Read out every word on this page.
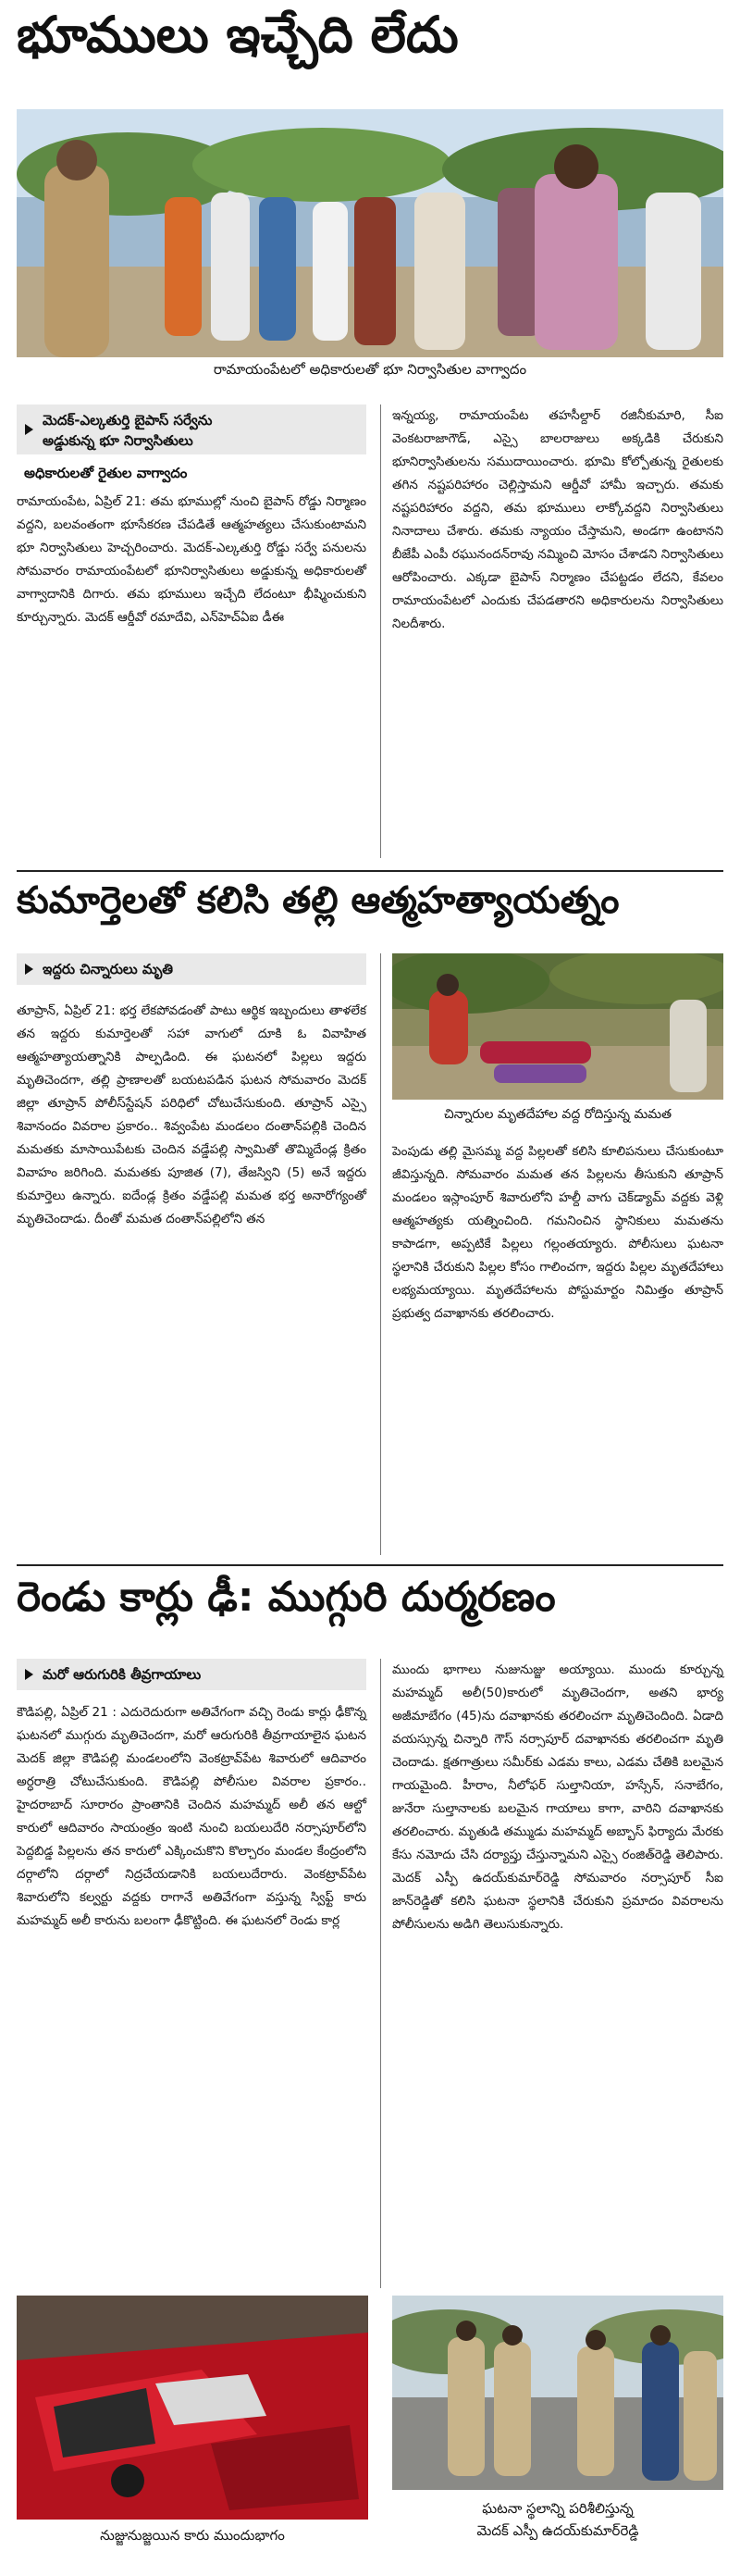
భూములు ఇచ్చేది లేదు
రామాయంపేటలో అధికారులతో భూ నిర్వాసితుల వాగ్వాదం
మెదక్‌-ఎల్కతుర్తి బైపాస్‌ సర్వేను
అడ్డుకున్న భూ నిర్వాసితులు
అధికారులతో రైతుల వాగ్వాదం

రామాయంపేట, ఏప్రిల్‌ 21: తమ భూముల్లో నుంచి బైపాస్‌ రోడ్డు నిర్మాణం వద్దని, బలవంతంగా భూసేకరణ చేపడితే ఆత్మహత్యలు చేసుకుంటామని భూ నిర్వాసితులు హెచ్చరించారు. మెదక్‌-ఎల్కతుర్తి రోడ్డు సర్వే పనులను సోమవారం రామాయంపేటలో భూనిర్వాసితులు అడ్డుకున్న అధికారులతో వాగ్వాదానికి దిగారు. తమ భూములు ఇచ్చేది లేదంటూ భీష్మించుకుని కూర్చున్నారు. మెదక్‌ ఆర్డీవో రమాదేవి, ఎన్‌హెచ్‌ఏఐ డీఈ

ఇన్నయ్య, రామాయంపేట తహసీల్దార్‌ రజినీకుమారి, సీఐ వెంకటరాజాగౌడ్‌, ఎస్సై బాలరాజులు అక్కడికి చేరుకుని భూనిర్వాసితులను సముదాయించారు. భూమి కోల్పోతున్న రైతులకు తగిన నష్టపరిహారం చెల్లిస్తామని ఆర్డీవో హామీ ఇచ్చారు. తమకు నష్టపరిహారం వద్దని, తమ భూములు లాక్కోవద్దని నిర్వాసితులు నినాదాలు చేశారు. తమకు న్యాయం చేస్తామని, అండగా ఉంటానని బీజేపీ ఎంపీ రఘునందన్‌రావు నమ్మించి మోసం చేశాడని నిర్వాసితులు ఆరోపించారు. ఎక్కడా బైపాస్‌ నిర్మాణం చేపట్టడం లేదని, కేవలం రామాయంపేటలో ఎందుకు చేపడతారని అధికారులను నిర్వాసితులు నిలదీశారు.

కుమార్తెలతో కలిసి తల్లి ఆత్మహత్యాయత్నం
ఇద్దరు చిన్నారులు మృతి

తూప్రాన్‌, ఏప్రిల్‌ 21: భర్త లేకపోవడంతో పాటు ఆర్థిక ఇబ్బందులు తాళలేక తన ఇద్దరు కుమార్తెలతో సహా వాగులో దూకి ఓ వివాహిత ఆత్మహత్యాయత్నానికి పాల్పడింది. ఈ ఘటనలో పిల్లలు ఇద్దరు మృతిచెందగా, తల్లి ప్రాణాలతో బయటపడిన ఘటన సోమవారం మెదక్‌ జిల్లా తూప్రాన్‌ పోలీస్‌స్టేషన్‌ పరిధిలో చోటుచేసుకుంది. తూప్రాన్‌ ఎస్సై శివానందం వివరాల ప్రకారం.. శివ్వంపేట మండలం దంతాన్‌పల్లికి చెందిన మమతకు మాసాయిపేటకు చెందిన వడ్డేపల్లి స్వామితో తొమ్మిదేండ్ల క్రితం వివాహం జరిగింది. మమతకు పూజిత (7), తేజస్విని (5) అనే ఇద్దరు కుమార్తెలు ఉన్నారు. ఐదేండ్ల క్రితం వడ్డేపల్లి మమత భర్త అనారోగ్యంతో మృతిచెందాడు. దీంతో మమత దంతాన్‌పల్లిలోని తన

చిన్నారుల మృతదేహాల వద్ద రోదిస్తున్న మమత

పెంపుడు తల్లి మైసమ్మ వద్ద పిల్లలతో కలిసి కూలిపనులు చేసుకుంటూ జీవిస్తున్నది. సోమవారం మమత తన పిల్లలను తీసుకుని తూప్రాన్‌ మండలం ఇస్లాంపూర్‌ శివారులోని హల్దీ వాగు చెక్‌డ్యామ్‌ వద్దకు వెళ్లి ఆత్మహత్యకు యత్నించింది. గమనించిన స్థానికులు మమతను కాపాడగా, అప్పటికే పిల్లలు గల్లంతయ్యారు. పోలీసులు ఘటనా స్థలానికి చేరుకుని పిల్లల కోసం గాలించగా, ఇద్దరు పిల్లల మృతదేహాలు లభ్యమయ్యాయి. మృతదేహాలను పోస్టుమార్టం నిమిత్తం తూప్రాన్‌ ప్రభుత్వ దవాఖానకు తరలించారు.

రెండు కార్లు ఢీ: ముగ్గురి దుర్మరణం
మరో ఆరుగురికి తీవ్రగాయాలు

కౌడిపల్లి, ఏప్రిల్‌ 21 : ఎదురెదురుగా అతివేగంగా వచ్చి రెండు కార్లు ఢీకొన్న ఘటనలో ముగ్గురు మృతిచెందగా, మరో ఆరుగురికి తీవ్రగాయాలైన ఘటన మెదక్‌ జిల్లా కౌడిపల్లి మండలంలోని వెంకట్రావ్‌పేట శివారులో ఆదివారం అర్ధరాత్రి చోటుచేసుకుంది. కౌడిపల్లి పోలీసుల వివరాల ప్రకారం.. హైదరాబాద్‌ సూరారం ప్రాంతానికి చెందిన మహమ్మద్‌ అలీ తన ఆల్టో కారులో ఆదివారం సాయంత్రం ఇంటి నుంచి బయలుదేరి నర్సాపూర్‌లోని పెద్దబిడ్డ పిల్లలను తన కారులో ఎక్కించుకొని కొల్చారం మండల కేంద్రంలోని దర్గాలోని దర్గాలో నిద్రచేయడానికి బయలుదేరారు. వెంకట్రావ్‌పేట శివారులోని కల్వర్టు వద్దకు రాగానే అతివేగంగా వస్తున్న స్విఫ్ట్‌ కారు మహమ్మద్‌ అలీ కారును బలంగా ఢీకొట్టింది. ఈ ఘటనలో రెండు కార్ల

ముందు భాగాలు నుజునుజ్జు అయ్యాయి. ముందు కూర్చున్న మహమ్మద్‌ అలీ(50)కారులో మృతిచెందగా, అతని భార్య అజీమాబేగం (45)ను దవాఖానకు తరలించగా మృతిచెందింది. ఏడాది వయస్సున్న చిన్నారి గౌస్‌ నర్సాపూర్‌ దవాఖానకు తరలించగా మృతి చెందాడు. క్షతగాత్రులు సమీర్‌కు ఎడమ కాలు, ఎడమ చేతికి బలమైన గాయమైంది. హీరాం, నీలోఫర్‌ సుల్తానియా, హస్సేన్‌, సనాబేగం, జునేరా సుల్తానాలకు బలమైన గాయాలు కాగా, వారిని దవాఖానకు తరలించారు. మృతుడి తమ్ముడు మహమ్మద్‌ అబ్బాస్‌ ఫిర్యాదు మేరకు కేసు నమోదు చేసి దర్యాప్తు చేస్తున్నామని ఎస్సై రంజిత్‌రెడ్డి తెలిపారు. మెదక్‌ ఎస్పీ ఉదయ్‌కుమార్‌రెడ్డి సోమవారం నర్సాపూర్‌ సీఐ జాన్‌రెడ్డితో కలిసి ఘటనా స్థలానికి చేరుకుని ప్రమాదం వివరాలను పోలీసులను అడిగి తెలుసుకున్నారు.

నుజ్జునుజ్జయిన కారు ముందుభాగం
ఘటనా స్థలాన్ని పరిశీలిస్తున్న
మెదక్‌ ఎస్పీ ఉదయ్‌కుమార్‌రెడ్డి
